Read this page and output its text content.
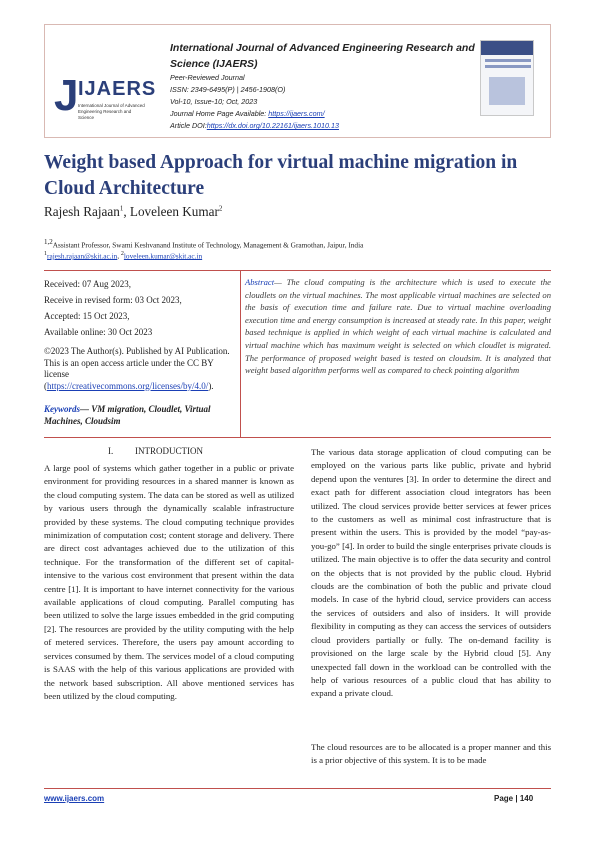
J IJAERS
International Journal of Advanced Engineering Research and Science
International Journal of Advanced Engineering Research and Science (IJAERS)
Peer-Reviewed Journal
ISSN: 2349-6495(P) | 2456-1908(O)
Vol-10, Issue-10; Oct, 2023
Journal Home Page Available: https://ijaers.com/
Article DOI:https://dx.doi.org/10.22161/ijaers.1010.13
Weight based Approach for virtual machine migration in Cloud Architecture
Rajesh Rajaan$^1$, Loveleen Kumar$^2$
$^{1,2}$Assistant Professor, Swami Keshvanand Institute of Technology, Management & Gramothan, Jaipur, India
$^1$rajesh.rajaan@skit.ac.in, $^2$loveleen.kumar@skit.ac.in
Received: 07 Aug 2023,
Receive in revised form: 03 Oct 2023,
Accepted: 15 Oct 2023,
Available online: 30 Oct 2023
©2023 The Author(s). Published by AI Publication. This is an open access article under the CC BY license
(https://creativecommons.org/licenses/by/4.0/).
Keywords— VM migration, Cloudlet, Virtual Machines, Cloudsim
Abstract— The cloud computing is the architecture which is used to execute the cloudlets on the virtual machines. The most applicable virtual machines are selected on the basis of execution time and failure rate. Due to virtual machine overloading execution time and energy consumption is increased at steady rate. In this paper, weight based technique is applied in which weight of each virtual machine is calculated and virtual machine which has maximum weight is selected on which cloudlet is migrated. The performance of proposed weight based is tested on cloudsim. It is analyzed that weight based algorithm performs well as compared to check pointing algorithm
I. INTRODUCTION
A large pool of systems which gather together in a public or private environment for providing resources in a shared manner is known as the cloud computing system. The data can be stored as well as utilized by various users through the dynamically scalable infrastructure provided by these systems. The cloud computing technique provides minimization of computation cost; content storage and delivery. There are direct cost advantages achieved due to the utilization of this technique. For the transformation of the different set of capital-intensive to the various cost environment that present within the data centre [1]. It is important to have internet connectivity for the various available applications of cloud computing. Parallel computing has been utilized to solve the large issues embedded in the grid computing [2]. The resources are provided by the utility computing with the help of metered services. Therefore, the users pay amount according to services consumed by them. The services model of a cloud computing is SAAS with the help of this various applications are provided with the network based subscription. All above mentioned services has been utilized by the cloud computing.
The various data storage application of cloud computing can be employed on the various parts like public, private and hybrid depend upon the ventures [3]. In order to determine the direct and exact path for different association cloud integrators has been utilized. The cloud services provide better services at fewer prices to the customers as well as minimal cost infrastructure that is present within the users. This is provided by the model “pay-as-you-go” [4]. In order to build the single enterprises private clouds is utilized. The main objective is to offer the data security and control on the objects that is not provided by the public cloud. Hybrid clouds are the combination of both the public and private cloud models. In case of the hybrid cloud, service providers can access the services of outsiders and also of insiders. It will provide flexibility in computing as they can access the services of outsiders cloud providers partially or fully. The on-demand facility is provisioned on the large scale by the Hybrid cloud [5]. Any unexpected fall down in the workload can be controlled with the help of various resources of a public cloud that has ability to expand a private cloud.
The cloud resources are to be allocated is a proper manner and this is a prior objective of this system. It is to be made
www.ijaers.com	Page | 140
